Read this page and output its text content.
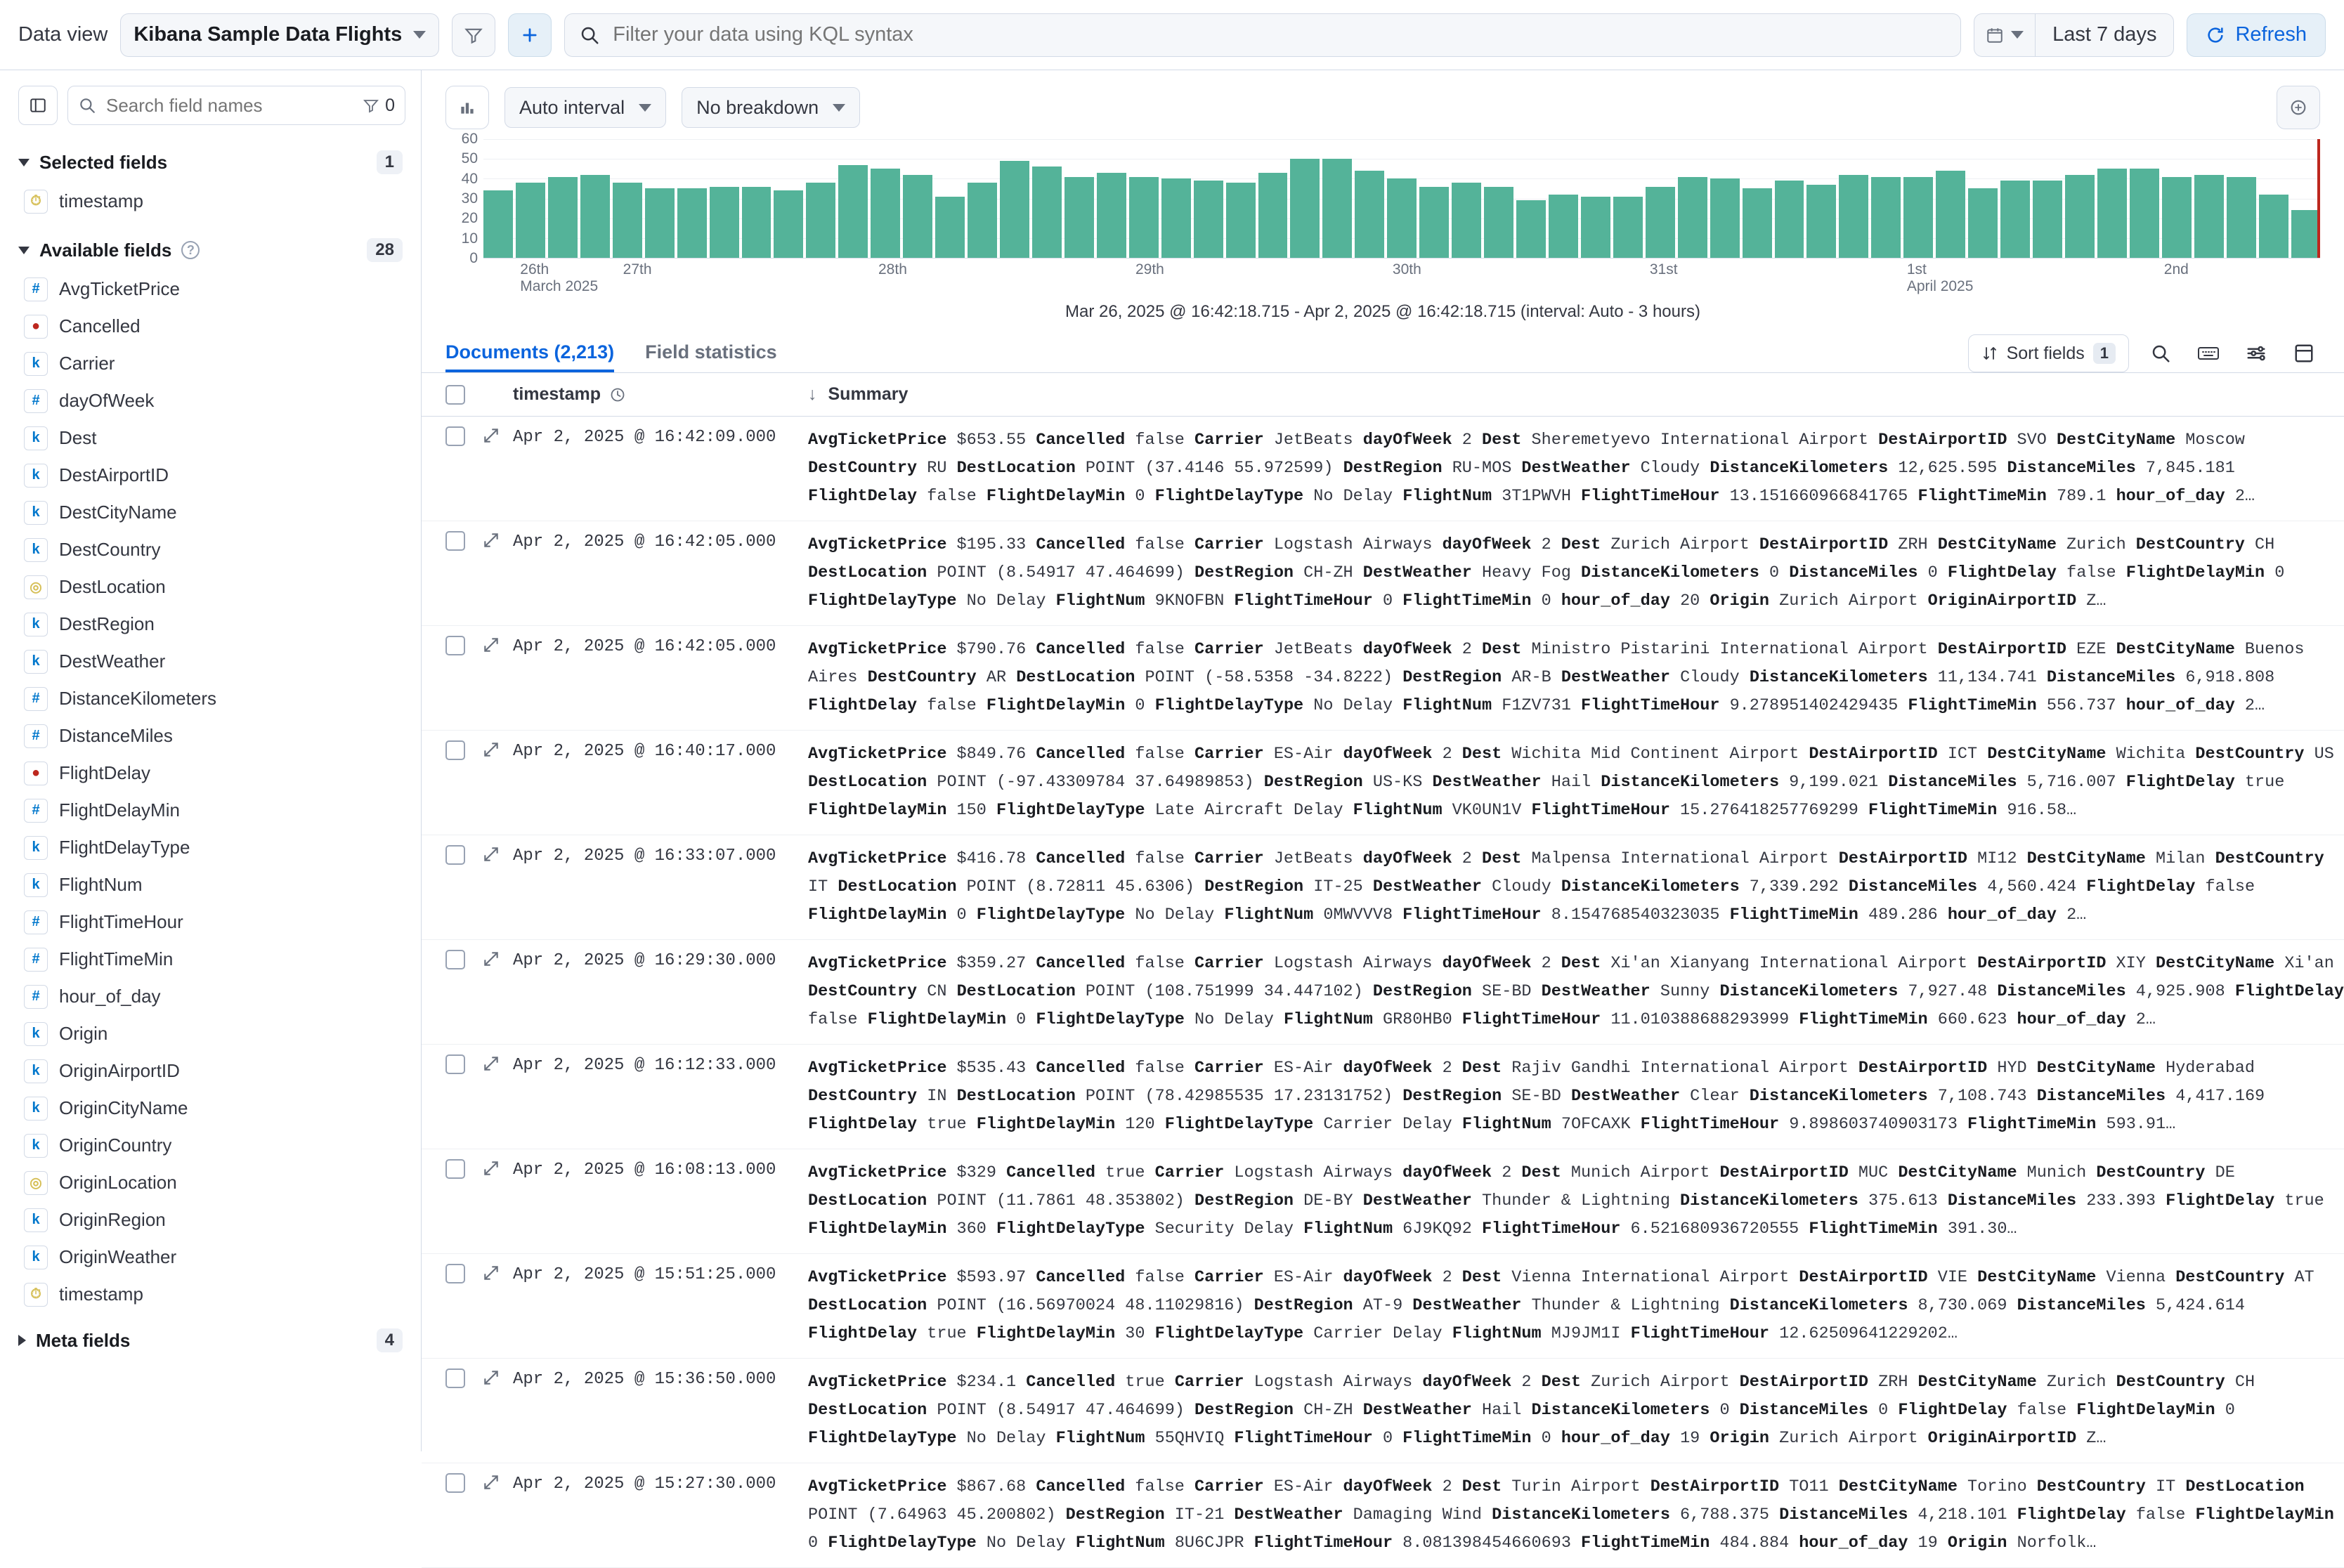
Data view Kibana Sample Data Flights
Filter your data using KQL syntax	Last 7 days	Refresh
Search field names
0
Selected fields	1
⏱ timestamp
Available fields	?	28
#	AvgTicketPrice
●	Cancelled
k	Carrier
#	dayOfWeek
k	Dest
k	DestAirportID
k	DestCityName
k	DestCountry
◎ DestLocation
k	DestRegion
k	DestWeather
#	DistanceKilometers
#	DistanceMiles
●	FlightDelay
#	FlightDelayMin
k	FlightDelayType
k	FlightNum
#	FlightTimeHour
#	FlightTimeMin
#	hour_of_day
k	Origin
k	OriginAirportID
k	OriginCityName
k	OriginCountry
◎ OriginLocation
k	OriginRegion
k	OriginWeather
⏱ timestamp
Meta fields	4
Auto interval	No breakdown
0
10
20
30
40
50
60
26th
March 2025
27th	28th	29th	30th	31st	1st
April 2025
2nd
Mar 26, 2025 @ 16:42:18.715 - Apr 2, 2025 @ 16:42:18.715 (interval: Auto - 3 hours)
Documents (2,213) Field statistics	Sort fields	1
timestamp	↓ Summary
Apr 2, 2025 @ 16:42:09.000 AvgTicketPrice $653.55 Cancelled false Carrier JetBeats dayOfWeek 2 Dest Sheremetyevo International Airport DestAirportID SVO DestCityName Moscow DestCountry RU DestLocation POINT (37.4146 55.972599) DestRegion RU-MOS DestWeather Cloudy DistanceKilometers 12,625.595 DistanceMiles 7,845.181 FlightDelay false FlightDelayMin 0 FlightDelayType No Delay FlightNum 3T1PWVH FlightTimeHour 13.151660966841765 FlightTimeMin 789.1 hour_of_day 2…
Apr 2, 2025 @ 16:42:05.000 AvgTicketPrice $195.33 Cancelled false Carrier Logstash Airways dayOfWeek 2 Dest Zurich Airport DestAirportID ZRH DestCityName Zurich DestCountry CH DestLocation POINT (8.54917 47.464699) DestRegion CH-ZH DestWeather Heavy Fog DistanceKilometers 0 DistanceMiles 0 FlightDelay false FlightDelayMin 0 FlightDelayType No Delay FlightNum 9KNOFBN FlightTimeHour 0 FlightTimeMin 0 hour_of_day 20 Origin Zurich Airport OriginAirportID Z…
Apr 2, 2025 @ 16:42:05.000 AvgTicketPrice $790.76 Cancelled false Carrier JetBeats dayOfWeek 2 Dest Ministro Pistarini International Airport DestAirportID EZE DestCityName Buenos Aires DestCountry AR DestLocation POINT (-58.5358 -34.8222) DestRegion AR-B DestWeather Cloudy DistanceKilometers 11,134.741 DistanceMiles 6,918.808 FlightDelay false FlightDelayMin 0 FlightDelayType No Delay FlightNum F1ZV731 FlightTimeHour 9.278951402429435 FlightTimeMin 556.737 hour_of_day 2…
Apr 2, 2025 @ 16:40:17.000 AvgTicketPrice $849.76 Cancelled false Carrier ES-Air dayOfWeek 2 Dest Wichita Mid Continent Airport DestAirportID ICT DestCityName Wichita DestCountry US DestLocation POINT (-97.43309784 37.64989853) DestRegion US-KS DestWeather Hail DistanceKilometers 9,199.021 DistanceMiles 5,716.007 FlightDelay true FlightDelayMin 150 FlightDelayType Late Aircraft Delay FlightNum VK0UN1V FlightTimeHour 15.276418257769299 FlightTimeMin 916.58…
Apr 2, 2025 @ 16:33:07.000 AvgTicketPrice $416.78 Cancelled false Carrier JetBeats dayOfWeek 2 Dest Malpensa International Airport DestAirportID MI12 DestCityName Milan DestCountry IT DestLocation POINT (8.72811 45.6306) DestRegion IT-25 DestWeather Cloudy DistanceKilometers 7,339.292 DistanceMiles 4,560.424 FlightDelay false FlightDelayMin 0 FlightDelayType No Delay FlightNum 0MWVVV8 FlightTimeHour 8.154768540323035 FlightTimeMin 489.286 hour_of_day 2…
Apr 2, 2025 @ 16:29:30.000 AvgTicketPrice $359.27 Cancelled false Carrier Logstash Airways dayOfWeek 2 Dest Xi'an Xianyang International Airport DestAirportID XIY DestCityName Xi'an DestCountry CN DestLocation POINT (108.751999 34.447102) DestRegion SE-BD DestWeather Sunny DistanceKilometers 7,927.48 DistanceMiles 4,925.908 FlightDelay false FlightDelayMin 0 FlightDelayType No Delay FlightNum GR80HB0 FlightTimeHour 11.010388688293999 FlightTimeMin 660.623 hour_of_day 2…
Apr 2, 2025 @ 16:12:33.000 AvgTicketPrice $535.43 Cancelled false Carrier ES-Air dayOfWeek 2 Dest Rajiv Gandhi International Airport DestAirportID HYD DestCityName Hyderabad DestCountry IN DestLocation POINT (78.42985535 17.23131752) DestRegion SE-BD DestWeather Clear DistanceKilometers 7,108.743 DistanceMiles 4,417.169 FlightDelay true FlightDelayMin 120 FlightDelayType Carrier Delay FlightNum 7OFCAXK FlightTimeHour 9.898603740903173 FlightTimeMin 593.91…
Apr 2, 2025 @ 16:08:13.000 AvgTicketPrice $329 Cancelled true Carrier Logstash Airways dayOfWeek 2 Dest Munich Airport DestAirportID MUC DestCityName Munich DestCountry DE DestLocation POINT (11.7861 48.353802) DestRegion DE-BY DestWeather Thunder & Lightning DistanceKilometers 375.613 DistanceMiles 233.393 FlightDelay true FlightDelayMin 360 FlightDelayType Security Delay FlightNum 6J9KQ92 FlightTimeHour 6.521680936720555 FlightTimeMin 391.30…
Apr 2, 2025 @ 15:51:25.000 AvgTicketPrice $593.97 Cancelled false Carrier ES-Air dayOfWeek 2 Dest Vienna International Airport DestAirportID VIE DestCityName Vienna DestCountry AT DestLocation POINT (16.56970024 48.11029816) DestRegion AT-9 DestWeather Thunder & Lightning DistanceKilometers 8,730.069 DistanceMiles 5,424.614 FlightDelay true FlightDelayMin 30 FlightDelayType Carrier Delay FlightNum MJ9JM1I FlightTimeHour 12.62509641229202…
Apr 2, 2025 @ 15:36:50.000 AvgTicketPrice $234.1 Cancelled true Carrier Logstash Airways dayOfWeek 2 Dest Zurich Airport DestAirportID ZRH DestCityName Zurich DestCountry CH DestLocation POINT (8.54917 47.464699) DestRegion CH-ZH DestWeather Hail DistanceKilometers 0 DistanceMiles 0 FlightDelay false FlightDelayMin 0 FlightDelayType No Delay FlightNum 55QHVIQ FlightTimeHour 0 FlightTimeMin 0 hour_of_day 19 Origin Zurich Airport OriginAirportID Z…
Apr 2, 2025 @ 15:27:30.000 AvgTicketPrice $867.68 Cancelled false Carrier ES-Air dayOfWeek 2 Dest Turin Airport DestAirportID TO11 DestCityName Torino DestCountry IT DestLocation POINT (7.64963 45.200802) DestRegion IT-21 DestWeather Damaging Wind DistanceKilometers 6,788.375 DistanceMiles 4,218.101 FlightDelay false FlightDelayMin 0 FlightDelayType No Delay FlightNum 8U6CJPR FlightTimeHour 8.081398454660693 FlightTimeMin 484.884 hour_of_day 19 Origin Norfolk…
